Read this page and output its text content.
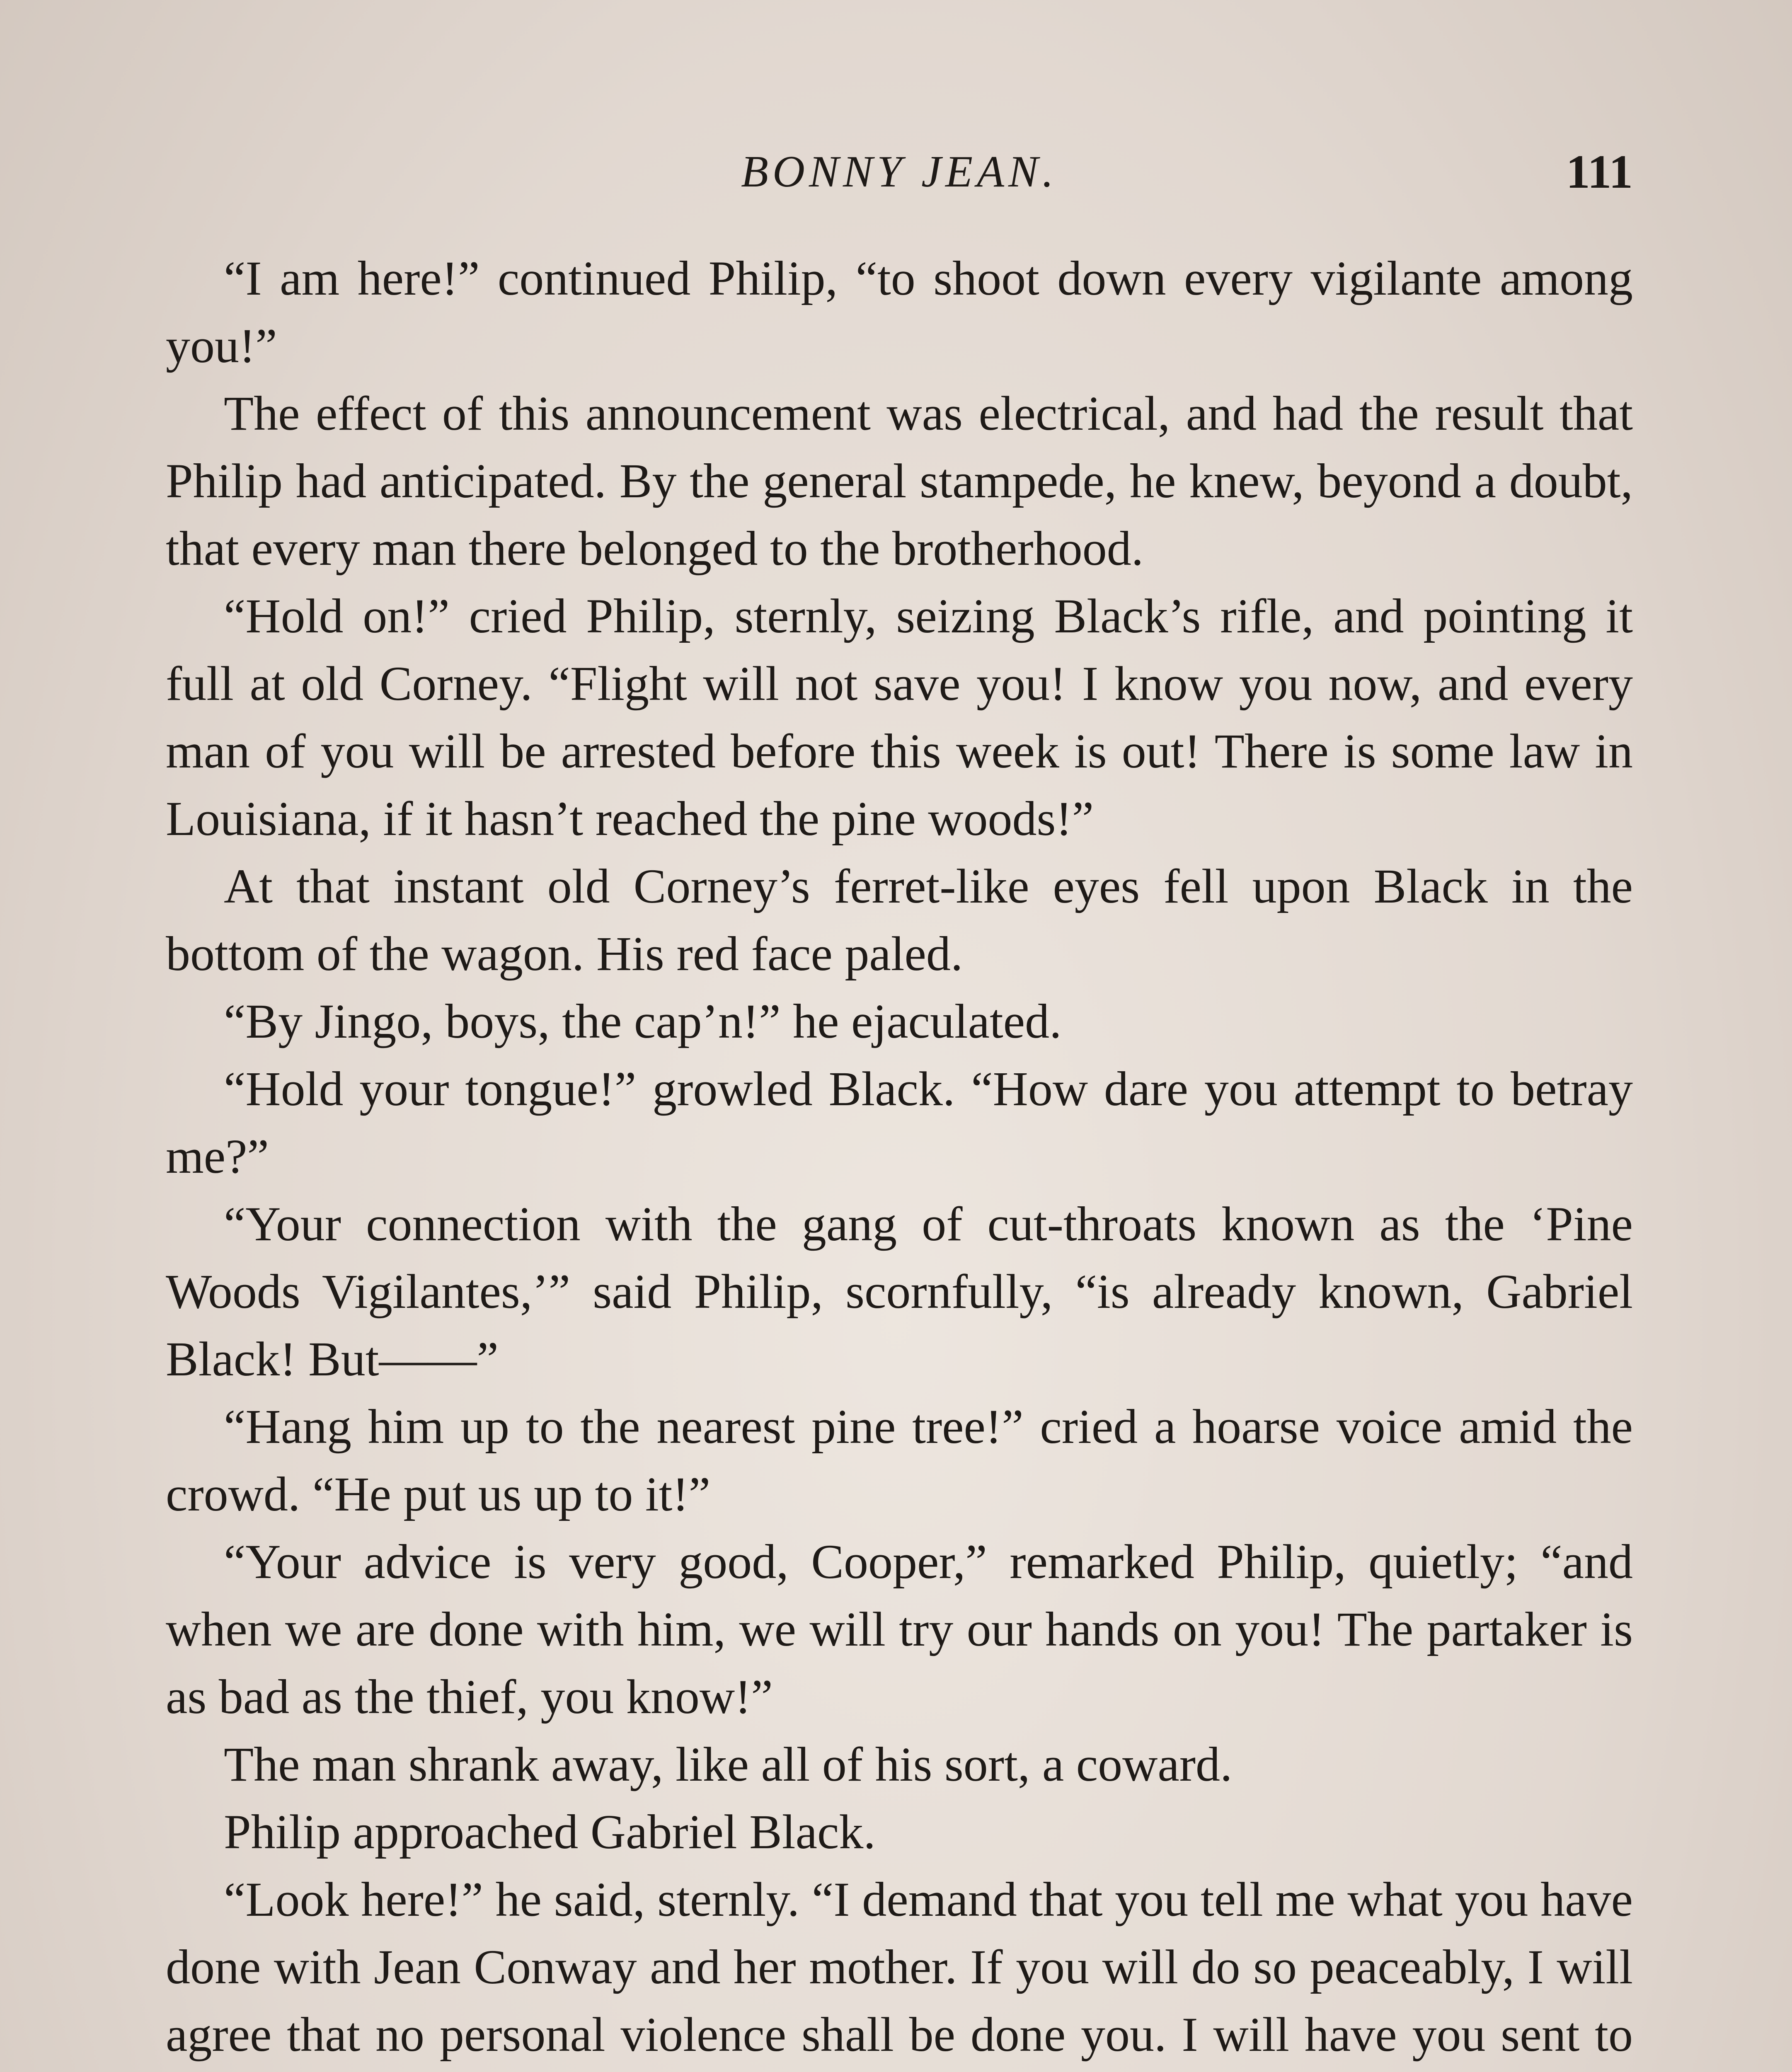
BONNY JEAN.	111

“I am here!” continued Philip, “to shoot down every vigilante among you!”

The effect of this announcement was electrical, and had the result that Philip had anticipated. By the general stampede, he knew, beyond a doubt, that every man there belonged to the brotherhood.

“Hold on!” cried Philip, sternly, seizing Black’s rifle, and pointing it full at old Corney. “Flight will not save you! I know you now, and every man of you will be arrested before this week is out! There is some law in Louisiana, if it hasn’t reached the pine woods!”

At that instant old Corney’s ferret-like eyes fell upon Black in the bottom of the wagon. His red face paled.

“By Jingo, boys, the cap’n!” he ejaculated.

“Hold your tongue!” growled Black. “How dare you attempt to betray me?”

“Your connection with the gang of cut-throats known as the ‘Pine Woods Vigilantes,’” said Philip, scornfully, “is already known, Gabriel Black! But——”

“Hang him up to the nearest pine tree!” cried a hoarse voice amid the crowd. “He put us up to it!”

“Your advice is very good, Cooper,” remarked Philip, quietly; “and when we are done with him, we will try our hands on you! The partaker is as bad as the thief, you know!”

The man shrank away, like all of his sort, a coward.

Philip approached Gabriel Black.

“Look here!” he said, sternly. “I demand that you tell me what you have done with Jean Conway and her mother. If you will do so peaceably, I will agree that no personal violence shall be done you. I will have you sent to
